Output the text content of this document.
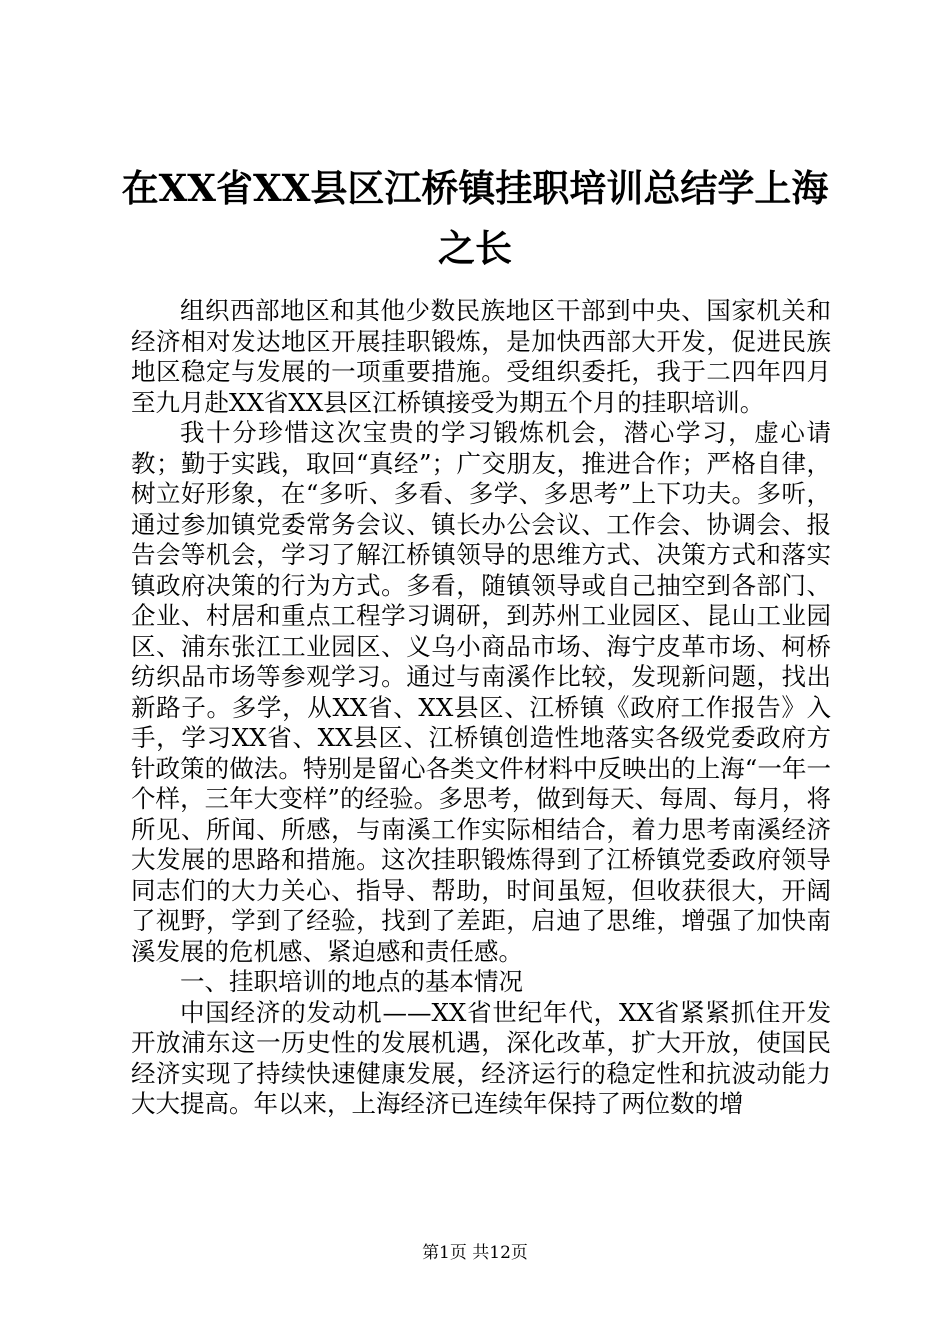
在XX省XX县区江桥镇挂职培训总结学上海之长

组织西部地区和其他少数民族地区干部到中央、国家机关和经济相对发达地区开展挂职锻炼，是加快西部大开发，促进民族地区稳定与发展的一项重要措施。受组织委托，我于二四年四月至九月赴XX省XX县区江桥镇接受为期五个月的挂职培训。

我十分珍惜这次宝贵的学习锻炼机会，潜心学习，虚心请教；勤于实践，取回“真经”；广交朋友，推进合作；严格自律，树立好形象，在“多听、多看、多学、多思考”上下功夫。多听，通过参加镇党委常务会议、镇长办公会议、工作会、协调会、报告会等机会，学习了解江桥镇领导的思维方式、决策方式和落实镇政府决策的行为方式。多看，随镇领导或自己抽空到各部门、企业、村居和重点工程学习调研，到苏州工业园区、昆山工业园区、浦东张江工业园区、义乌小商品市场、海宁皮革市场、柯桥纺织品市场等参观学习。通过与南溪作比较，发现新问题，找出新路子。多学，从XX省、XX县区、江桥镇《政府工作报告》入手，学习XX省、XX县区、江桥镇创造性地落实各级党委政府方针政策的做法。特别是留心各类文件材料中反映出的上海“一年一个样，三年大变样”的经验。多思考，做到每天、每周、每月，将所见、所闻、所感，与南溪工作实际相结合，着力思考南溪经济大发展的思路和措施。这次挂职锻炼得到了江桥镇党委政府领导同志们的大力关心、指导、帮助，时间虽短，但收获很大，开阔了视野，学到了经验，找到了差距，启迪了思维，增强了加快南溪发展的危机感、紧迫感和责任感。

一、挂职培训的地点的基本情况

中国经济的发动机——XX省世纪年代，XX省紧紧抓住开发开放浦东这一历史性的发展机遇，深化改革，扩大开放，使国民经济实现了持续快速健康发展，经济运行的稳定性和抗波动能力大大提高。年以来，上海经济已连续年保持了两位数的增

第1页 共12页
